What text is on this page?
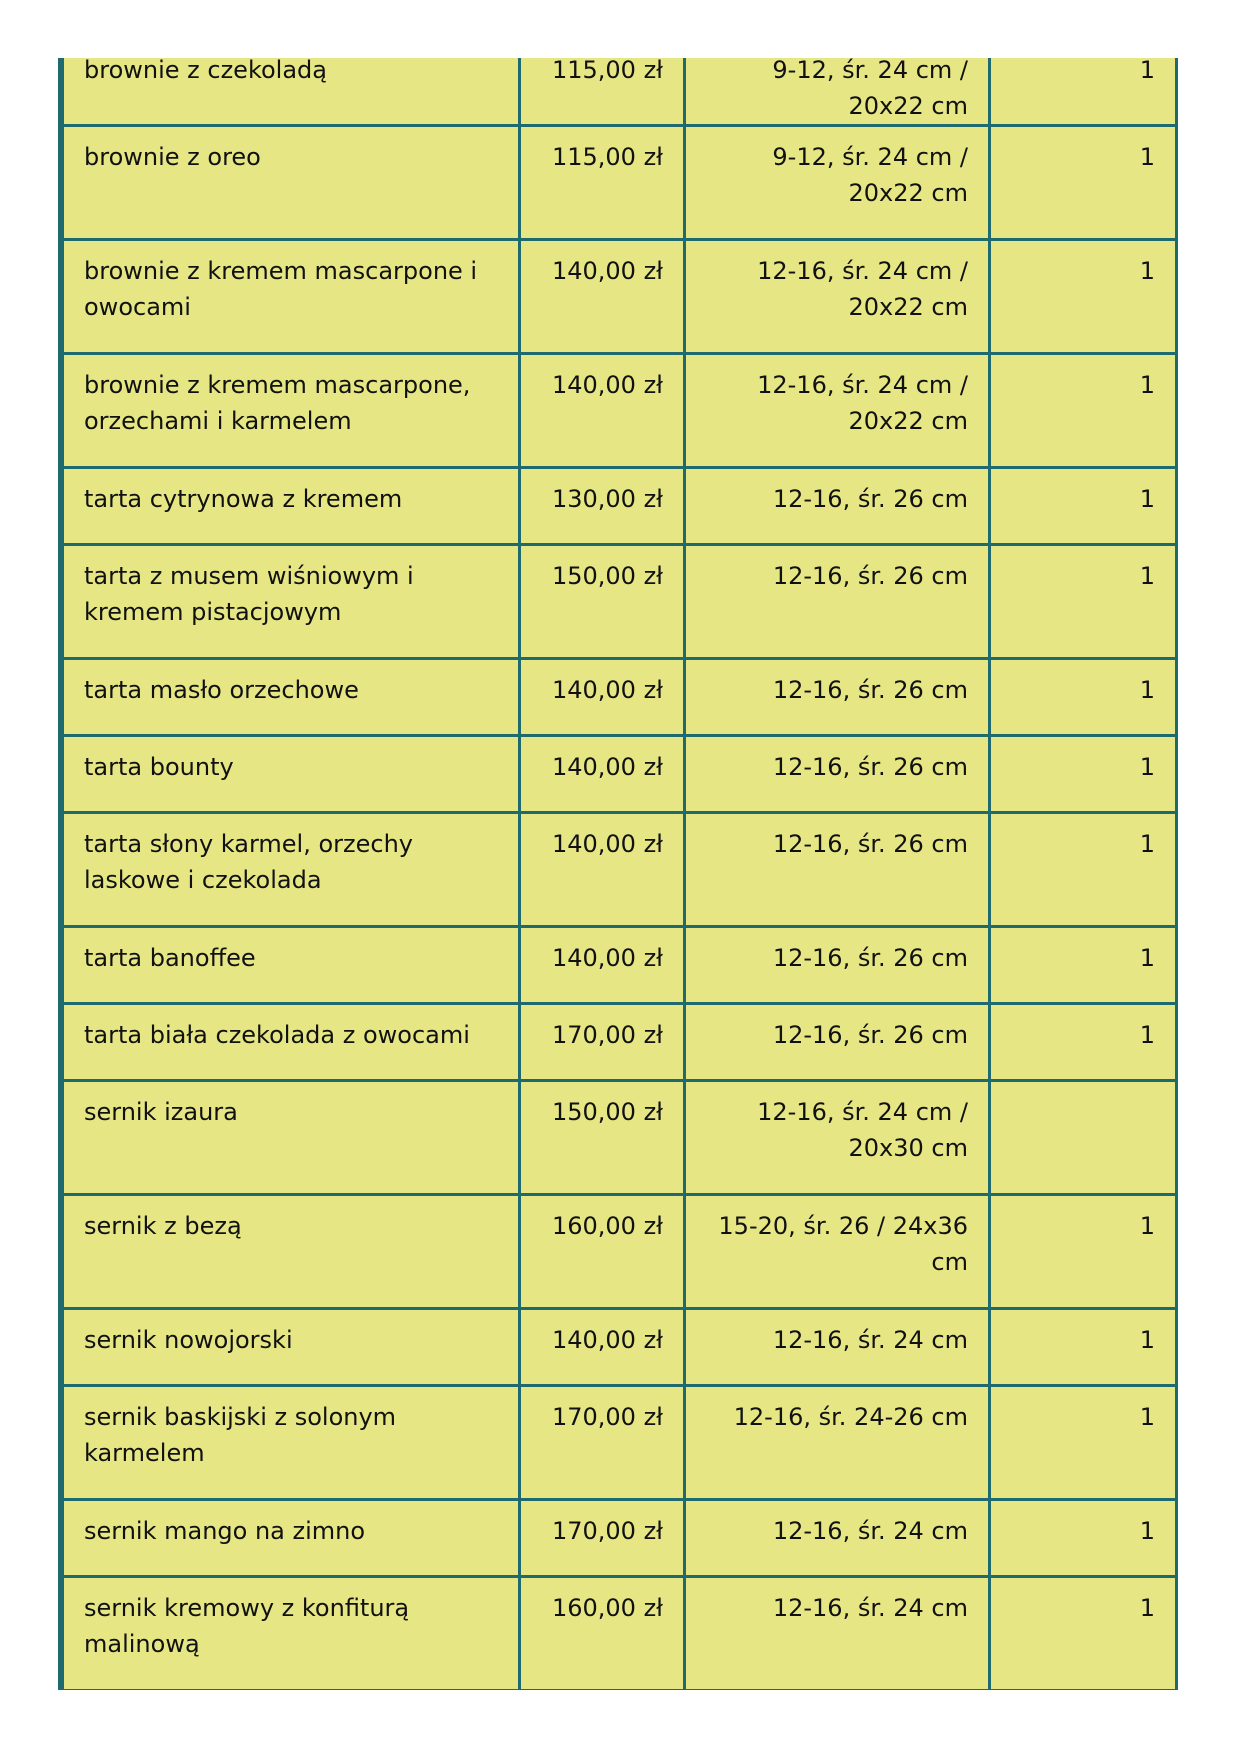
brownie z czekoladą	115,00 zł	9-12, śr. 24 cm / 20x22 cm	1
brownie z oreo	115,00 zł	9-12, śr. 24 cm / 20x22 cm	1
brownie z kremem mascarpone i owocami	140,00 zł	12-16, śr. 24 cm / 20x22 cm	1
brownie z kremem mascarpone, orzechami i karmelem	140,00 zł	12-16, śr. 24 cm / 20x22 cm	1
tarta cytrynowa z kremem	130,00 zł	12-16, śr. 26 cm	1
tarta z musem wiśniowym i kremem pistacjowym	150,00 zł	12-16, śr. 26 cm	1
tarta masło orzechowe	140,00 zł	12-16, śr. 26 cm	1
tarta bounty	140,00 zł	12-16, śr. 26 cm	1
tarta słony karmel, orzechy laskowe i czekolada	140,00 zł	12-16, śr. 26 cm	1
tarta banoffee	140,00 zł	12-16, śr. 26 cm	1
tarta biała czekolada z owocami	170,00 zł	12-16, śr. 26 cm	1
sernik izaura	150,00 zł	12-16, śr. 24 cm / 20x30 cm	
sernik z bezą	160,00 zł	15-20, śr. 26 / 24x36 cm	1
sernik nowojorski	140,00 zł	12-16, śr. 24 cm	1
sernik baskijski z solonym karmelem	170,00 zł	12-16, śr. 24-26 cm	1
sernik mango na zimno	170,00 zł	12-16, śr. 24 cm	1
sernik kremowy z konfiturą malinową	160,00 zł	12-16, śr. 24 cm	1
